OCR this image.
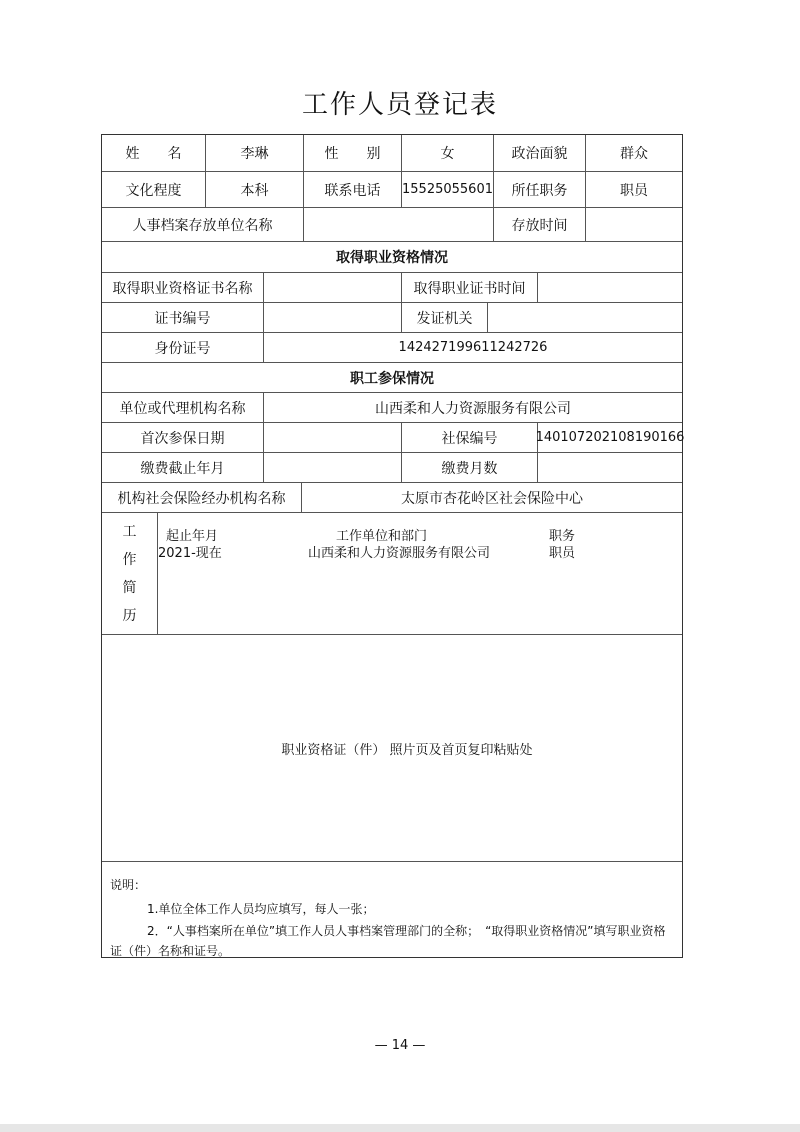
工作人员登记表
姓　　名	李琳	性　　别	女	政治面貌	群众
文化程度	本科	联系电话	15525055601	所任职务	职员
人事档案存放单位名称	存放时间
取得职业资格情况
取得职业资格证书名称	取得职业证书时间
证书编号	发证机关
身份证号	142427199611242726
职工参保情况
单位或代理机构名称	山西柔和人力资源服务有限公司
首次参保日期	社保编号	140107202108190166
缴费截止年月	缴费月数
机构社会保险经办机构名称	太原市杏花岭区社会保险中心
工
作
简
历
起止年月	工作单位和部门	职务
2021-现在	山西柔和人力资源服务有限公司	职员
职业资格证（件） 照片页及首页复印粘贴处
说明：
1.单位全体工作人员均应填写，每人一张；
2．“人事档案所在单位”填工作人员人事档案管理部门的全称；　“取得职业资格情况”填写职业资格
证（件）名称和证号。
— 14 —
